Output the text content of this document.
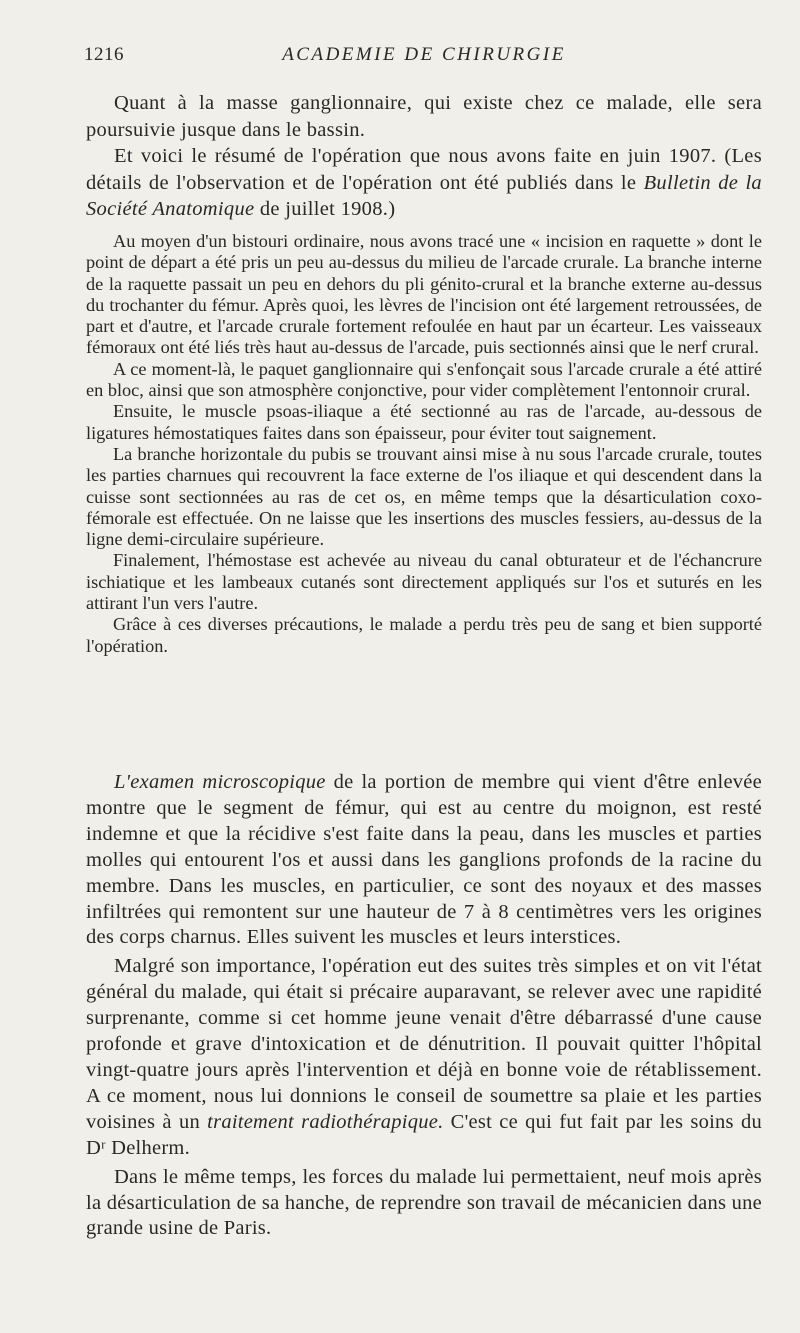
1216	ACADEMIE DE CHIRURGIE

Quant à la masse ganglionnaire, qui existe chez ce malade, elle sera poursuivie jusque dans le bassin.

Et voici le résumé de l'opération que nous avons faite en juin 1907. (Les détails de l'observation et de l'opération ont été publiés dans le Bulletin de la Société Anatomique de juillet 1908.)

Au moyen d'un bistouri ordinaire, nous avons tracé une « incision en raquette » dont le point de départ a été pris un peu au-dessus du milieu de l'arcade crurale. La branche interne de la raquette passait un peu en dehors du pli génito-crural et la branche externe au-dessus du trochanter du fémur. Après quoi, les lèvres de l'incision ont été largement retroussées, de part et d'autre, et l'arcade crurale fortement refoulée en haut par un écarteur. Les vaisseaux fémoraux ont été liés très haut au-dessus de l'arcade, puis sectionnés ainsi que le nerf crural.

A ce moment-là, le paquet ganglionnaire qui s'enfonçait sous l'arcade crurale a été attiré en bloc, ainsi que son atmosphère conjonctive, pour vider complètement l'entonnoir crural.

Ensuite, le muscle psoas-iliaque a été sectionné au ras de l'arcade, au-dessous de ligatures hémostatiques faites dans son épaisseur, pour éviter tout saignement.

La branche horizontale du pubis se trouvant ainsi mise à nu sous l'arcade crurale, toutes les parties charnues qui recouvrent la face externe de l'os iliaque et qui descendent dans la cuisse sont sectionnées au ras de cet os, en même temps que la désarticulation coxo-fémorale est effectuée. On ne laisse que les insertions des muscles fessiers, au-dessus de la ligne demi-circulaire supérieure.

Finalement, l'hémostase est achevée au niveau du canal obturateur et de l'échancrure ischiatique et les lambeaux cutanés sont directement appliqués sur l'os et suturés en les attirant l'un vers l'autre.

Grâce à ces diverses précautions, le malade a perdu très peu de sang et bien supporté l'opération.

L'examen microscopique de la portion de membre qui vient d'être enlevée montre que le segment de fémur, qui est au centre du moignon, est resté indemne et que la récidive s'est faite dans la peau, dans les muscles et parties molles qui entourent l'os et aussi dans les ganglions profonds de la racine du membre. Dans les muscles, en particulier, ce sont des noyaux et des masses infiltrées qui remontent sur une hauteur de 7 à 8 centimètres vers les origines des corps charnus. Elles suivent les muscles et leurs interstices.

Malgré son importance, l'opération eut des suites très simples et on vit l'état général du malade, qui était si précaire auparavant, se relever avec une rapidité surprenante, comme si cet homme jeune venait d'être débarrassé d'une cause profonde et grave d'intoxication et de dénutrition. Il pouvait quitter l'hôpital vingt-quatre jours après l'intervention et déjà en bonne voie de rétablissement. A ce moment, nous lui donnions le conseil de soumettre sa plaie et les parties voisines à un traitement radiothérapique. C'est ce qui fut fait par les soins du Dʳ Delherm.

Dans le même temps, les forces du malade lui permettaient, neuf mois après la désarticulation de sa hanche, de reprendre son travail de mécanicien dans une grande usine de Paris.
